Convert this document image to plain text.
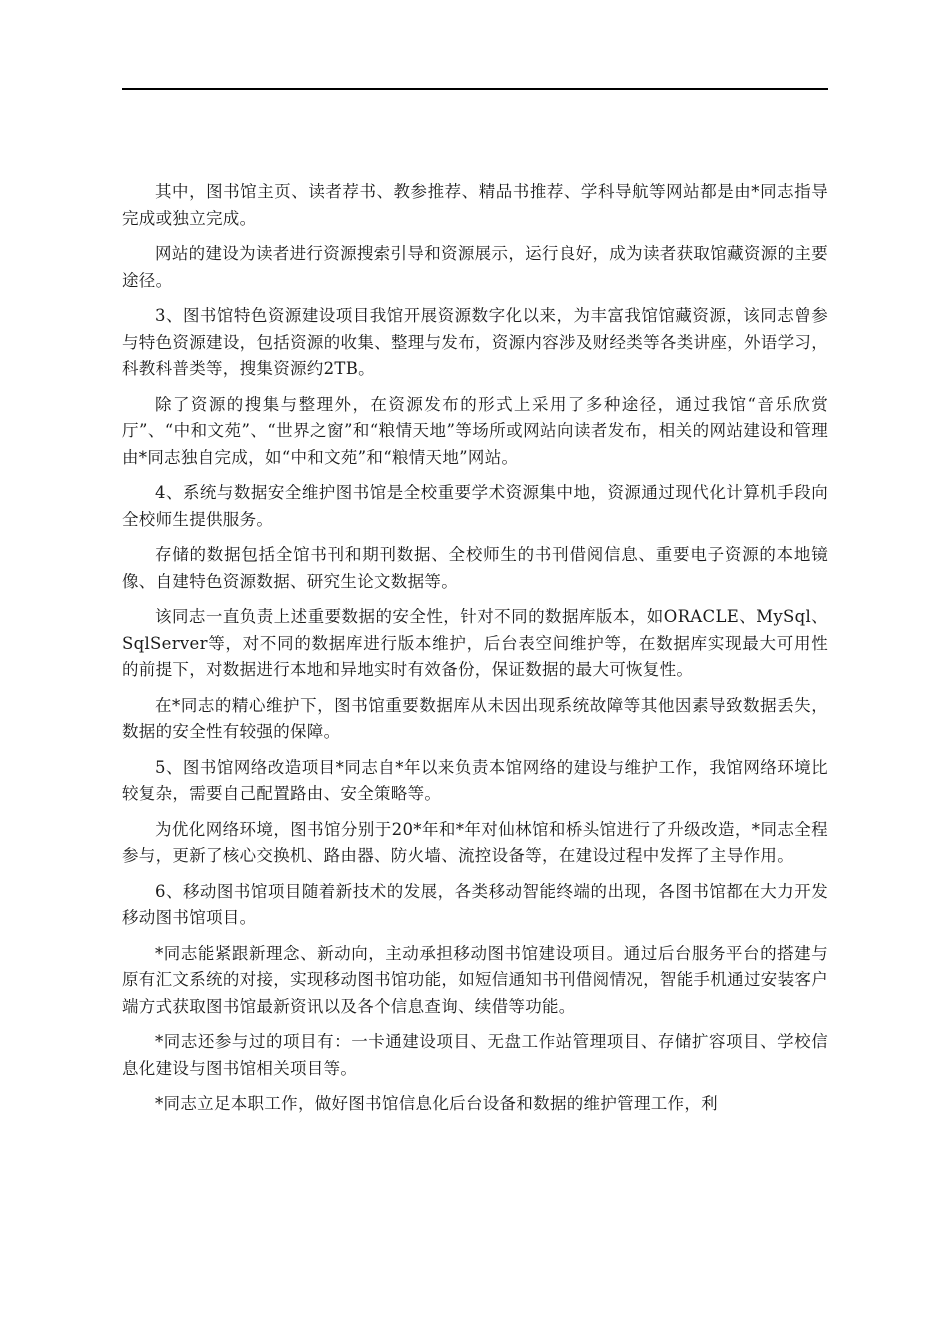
其中，图书馆主页、读者荐书、教参推荐、精品书推荐、学科导航等网站都是由*同志指导完成或独立完成。

网站的建设为读者进行资源搜索引导和资源展示，运行良好，成为读者获取馆藏资源的主要途径。

3、图书馆特色资源建设项目我馆开展资源数字化以来，为丰富我馆馆藏资源，该同志曾参与特色资源建设，包括资源的收集、整理与发布，资源内容涉及财经类等各类讲座，外语学习，科教科普类等，搜集资源约2TB。

除了资源的搜集与整理外，在资源发布的形式上采用了多种途径，通过我馆“音乐欣赏厅”、“中和文苑”、“世界之窗”和“粮情天地”等场所或网站向读者发布，相关的网站建设和管理由*同志独自完成，如“中和文苑”和“粮情天地”网站。

4、系统与数据安全维护图书馆是全校重要学术资源集中地，资源通过现代化计算机手段向全校师生提供服务。

存储的数据包括全馆书刊和期刊数据、全校师生的书刊借阅信息、重要电子资源的本地镜像、自建特色资源数据、研究生论文数据等。

该同志一直负责上述重要数据的安全性，针对不同的数据库版本，如ORACLE、MySql、SqlServer等，对不同的数据库进行版本维护，后台表空间维护等，在数据库实现最大可用性的前提下，对数据进行本地和异地实时有效备份，保证数据的最大可恢复性。

在*同志的精心维护下，图书馆重要数据库从未因出现系统故障等其他因素导致数据丢失，数据的安全性有较强的保障。

5、图书馆网络改造项目*同志自*年以来负责本馆网络的建设与维护工作，我馆网络环境比较复杂，需要自己配置路由、安全策略等。

为优化网络环境，图书馆分别于20*年和*年对仙林馆和桥头馆进行了升级改造，*同志全程参与，更新了核心交换机、路由器、防火墙、流控设备等，在建设过程中发挥了主导作用。

6、移动图书馆项目随着新技术的发展，各类移动智能终端的出现，各图书馆都在大力开发移动图书馆项目。

*同志能紧跟新理念、新动向，主动承担移动图书馆建设项目。通过后台服务平台的搭建与原有汇文系统的对接，实现移动图书馆功能，如短信通知书刊借阅情况，智能手机通过安装客户端方式获取图书馆最新资讯以及各个信息查询、续借等功能。

*同志还参与过的项目有：一卡通建设项目、无盘工作站管理项目、存储扩容项目、学校信息化建设与图书馆相关项目等。

*同志立足本职工作，做好图书馆信息化后台设备和数据的维护管理工作，利
